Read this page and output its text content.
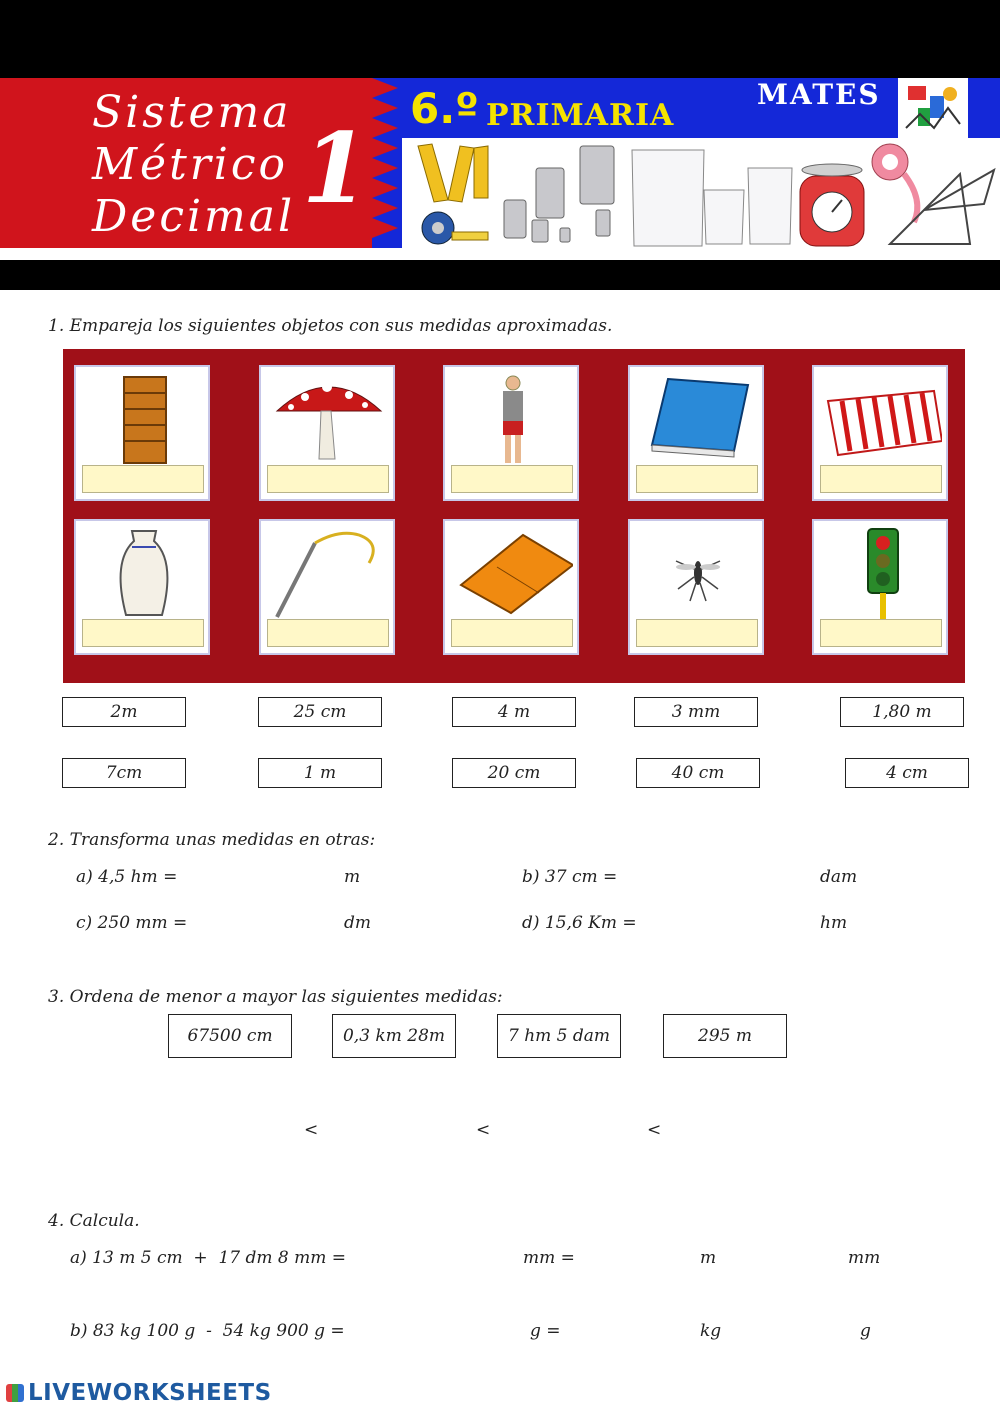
Sistema
Métrico
Decimal 1
6.º PRIMARIA
MATES
1. Empareja los siguientes objetos con sus medidas aproximadas.
2m	25 cm	4 m	3 mm	1,80 m
7cm	1 m	20 cm	40 cm	4 cm
2. Transforma unas medidas en otras:
a) 4,5 hm =	m	b) 37 cm =	dam
c) 250 mm =	dm	d) 15,6 Km =	hm
3. Ordena de menor a mayor las siguientes medidas:
67500 cm	0,3 km 28m	7 hm 5 dam	295 m
<	<	<
4. Calcula.
a) 13 m 5 cm  +  17 dm 8 mm =	mm =	m	mm
b) 83 kg 100 g  -  54 kg 900 g =	g =	kg	g
LIVEWORKSHEETS
